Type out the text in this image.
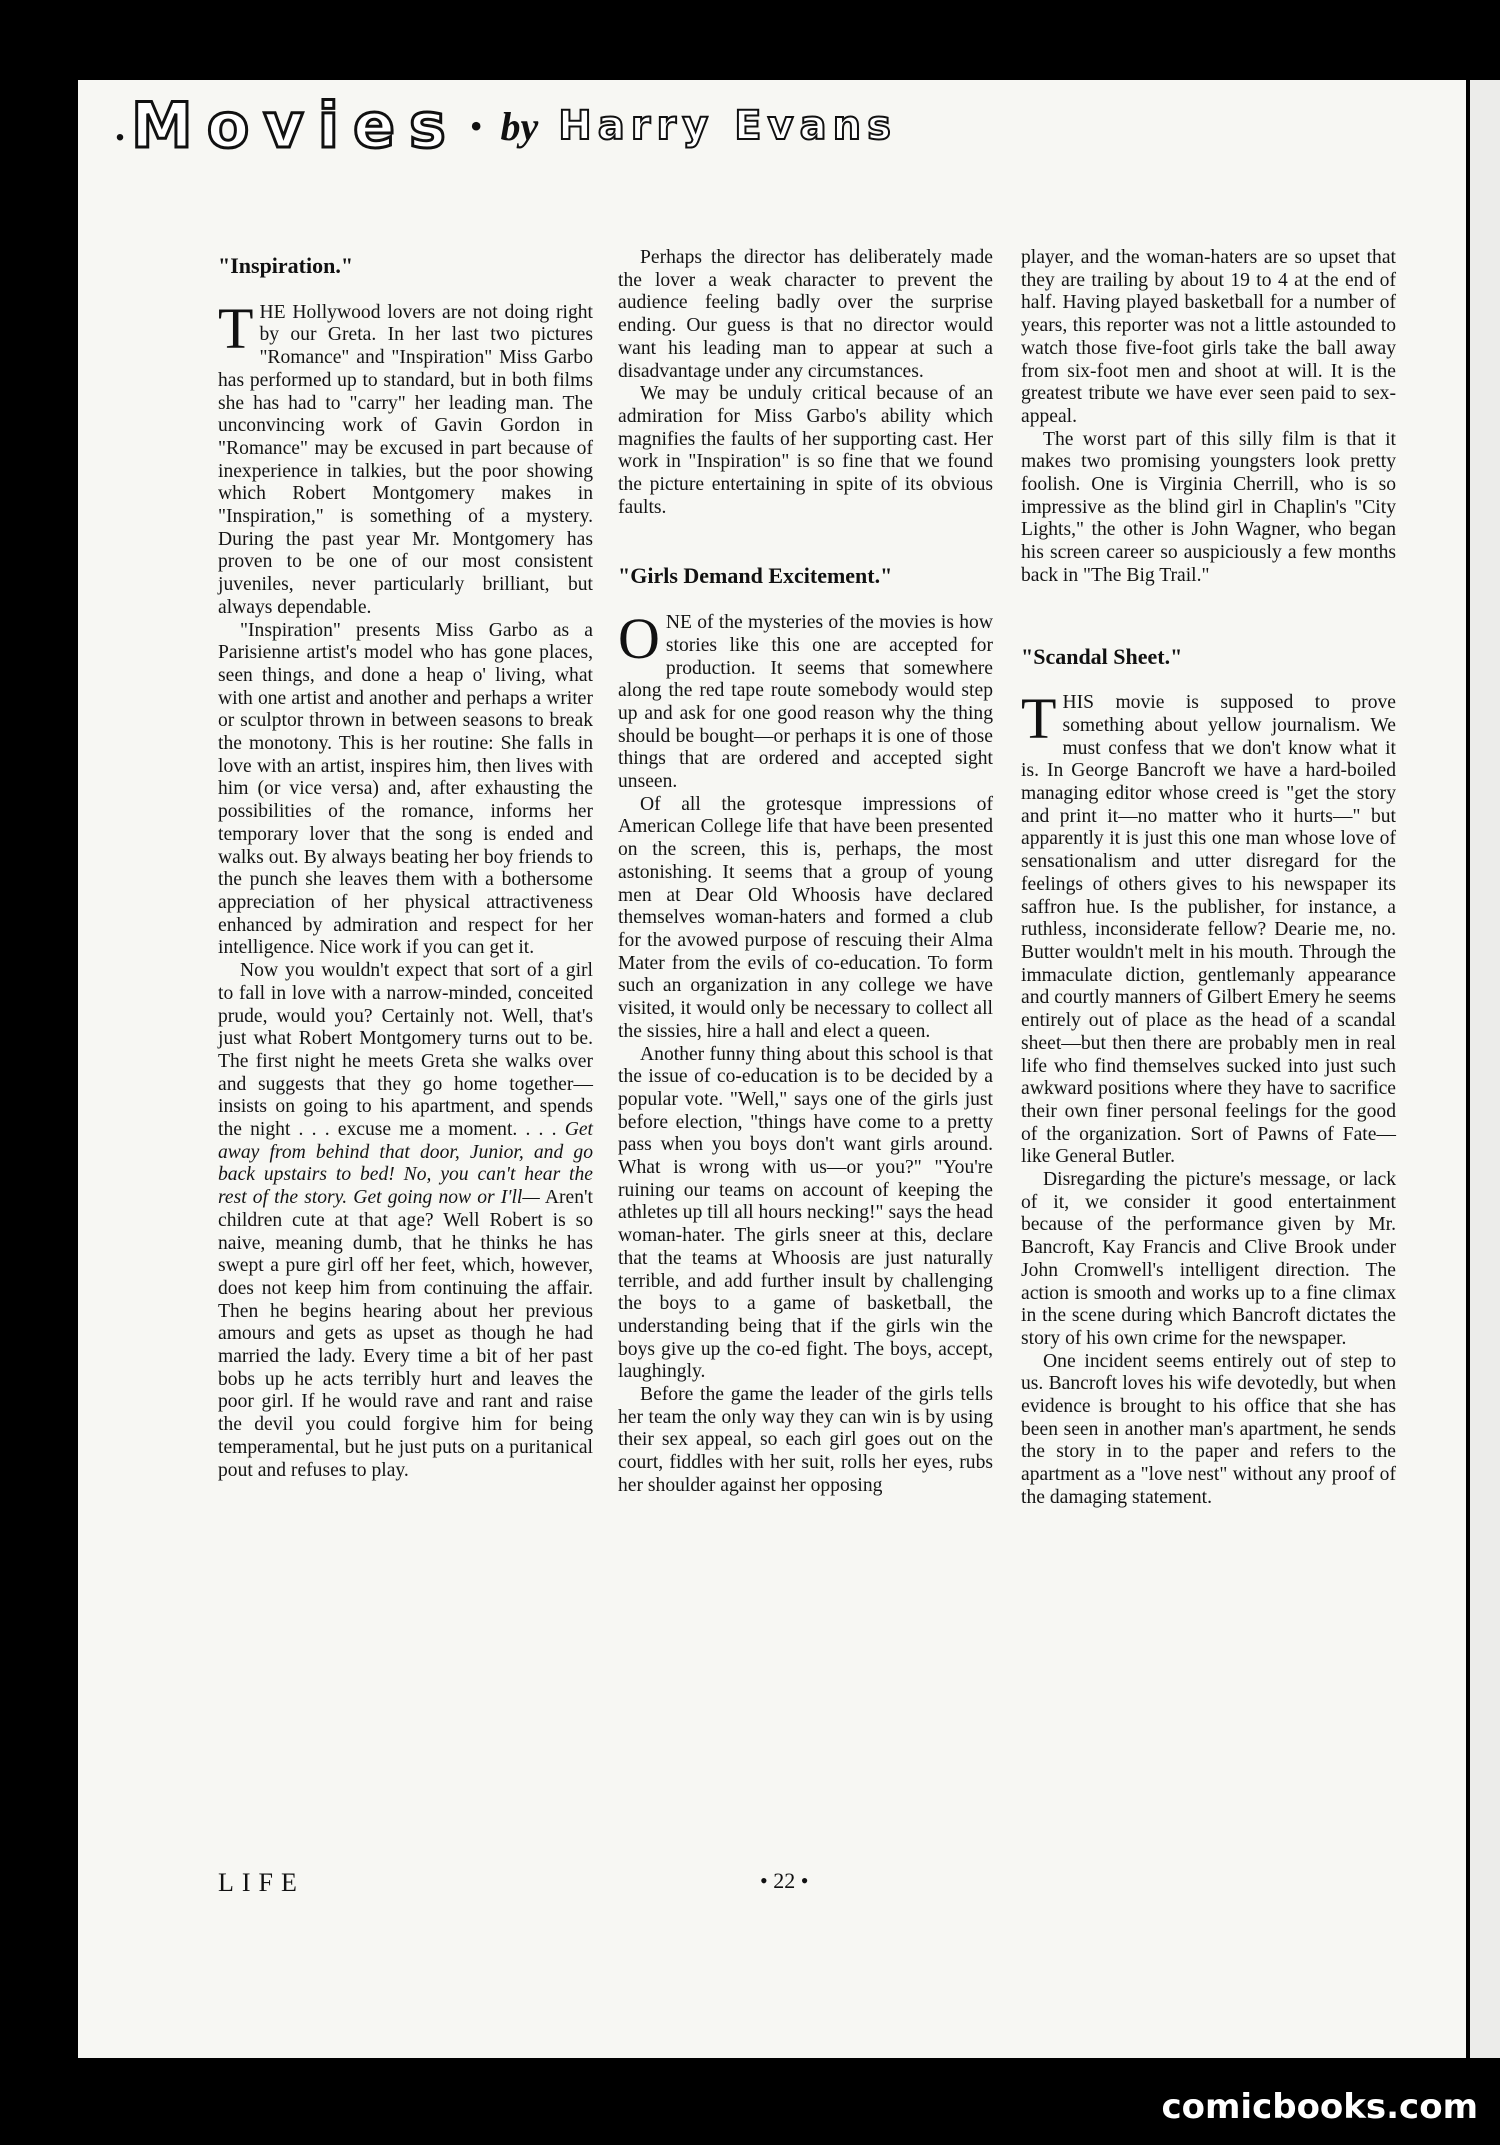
. Movies • by Harry Evans
"Inspiration."

THE Hollywood lovers are not doing right by our Greta. In her last two pictures "Romance" and "Inspiration" Miss Garbo has performed up to standard, but in both films she has had to "carry" her leading man. The unconvincing work of Gavin Gordon in "Romance" may be excused in part because of inexperience in talkies, but the poor showing which Robert Montgomery makes in "Inspiration," is something of a mystery. During the past year Mr. Montgomery has proven to be one of our most consistent juveniles, never particularly brilliant, but always dependable.

"Inspiration" presents Miss Garbo as a Parisienne artist's model who has gone places, seen things, and done a heap o' living, what with one artist and another and perhaps a writer or sculptor thrown in between seasons to break the monotony. This is her routine: She falls in love with an artist, inspires him, then lives with him (or vice versa) and, after exhausting the possibilities of the romance, informs her temporary lover that the song is ended and walks out. By always beating her boy friends to the punch she leaves them with a bothersome appreciation of her physical attractiveness enhanced by admiration and respect for her intelligence. Nice work if you can get it.

Now you wouldn't expect that sort of a girl to fall in love with a narrow-minded, conceited prude, would you? Certainly not. Well, that's just what Robert Montgomery turns out to be. The first night he meets Greta she walks over and suggests that they go home together—insists on going to his apartment, and spends the night . . . excuse me a moment. . . . Get away from behind that door, Junior, and go back upstairs to bed! No, you can't hear the rest of the story. Get going now or I'll— Aren't children cute at that age? Well Robert is so naive, meaning dumb, that he thinks he has swept a pure girl off her feet, which, however, does not keep him from continuing the affair. Then he begins hearing about her previous amours and gets as upset as though he had married the lady. Every time a bit of her past bobs up he acts terribly hurt and leaves the poor girl. If he would rave and rant and raise the devil you could forgive him for being temperamental, but he just puts on a puritanical pout and refuses to play.

Perhaps the director has deliberately made the lover a weak character to prevent the audience feeling badly over the surprise ending. Our guess is that no director would want his leading man to appear at such a disadvantage under any circumstances.

We may be unduly critical because of an admiration for Miss Garbo's ability which magnifies the faults of her supporting cast. Her work in "Inspiration" is so fine that we found the picture entertaining in spite of its obvious faults.

"Girls Demand Excitement."

ONE of the mysteries of the movies is how stories like this one are accepted for production. It seems that somewhere along the red tape route somebody would step up and ask for one good reason why the thing should be bought—or perhaps it is one of those things that are ordered and accepted sight unseen.

Of all the grotesque impressions of American College life that have been presented on the screen, this is, perhaps, the most astonishing. It seems that a group of young men at Dear Old Whoosis have declared themselves woman-haters and formed a club for the avowed purpose of rescuing their Alma Mater from the evils of co-education. To form such an organization in any college we have visited, it would only be necessary to collect all the sissies, hire a hall and elect a queen.

Another funny thing about this school is that the issue of co-education is to be decided by a popular vote. "Well," says one of the girls just before election, "things have come to a pretty pass when you boys don't want girls around. What is wrong with us—or you?" "You're ruining our teams on account of keeping the athletes up till all hours necking!" says the head woman-hater. The girls sneer at this, declare that the teams at Whoosis are just naturally terrible, and add further insult by challenging the boys to a game of basketball, the understanding being that if the girls win the boys give up the co-ed fight. The boys, accept, laughingly.

Before the game the leader of the girls tells her team the only way they can win is by using their sex appeal, so each girl goes out on the court, fiddles with her suit, rolls her eyes, rubs her shoulder against her opposing

player, and the woman-haters are so upset that they are trailing by about 19 to 4 at the end of half. Having played basketball for a number of years, this reporter was not a little astounded to watch those five-foot girls take the ball away from six-foot men and shoot at will. It is the greatest tribute we have ever seen paid to sex-appeal.

The worst part of this silly film is that it makes two promising youngsters look pretty foolish. One is Virginia Cherrill, who is so impressive as the blind girl in Chaplin's "City Lights," the other is John Wagner, who began his screen career so auspiciously a few months back in "The Big Trail."

"Scandal Sheet."

THIS movie is supposed to prove something about yellow journalism. We must confess that we don't know what it is. In George Bancroft we have a hard-boiled managing editor whose creed is "get the story and print it—no matter who it hurts—" but apparently it is just this one man whose love of sensationalism and utter disregard for the feelings of others gives to his newspaper its saffron hue. Is the publisher, for instance, a ruthless, inconsiderate fellow? Dearie me, no. Butter wouldn't melt in his mouth. Through the immaculate diction, gentlemanly appearance and courtly manners of Gilbert Emery he seems entirely out of place as the head of a scandal sheet—but then there are probably men in real life who find themselves sucked into just such awkward positions where they have to sacrifice their own finer personal feelings for the good of the organization. Sort of Pawns of Fate—like General Butler.

Disregarding the picture's message, or lack of it, we consider it good entertainment because of the performance given by Mr. Bancroft, Kay Francis and Clive Brook under John Cromwell's intelligent direction. The action is smooth and works up to a fine climax in the scene during which Bancroft dictates the story of his own crime for the newspaper.

One incident seems entirely out of step to us. Bancroft loves his wife devotedly, but when evidence is brought to his office that she has been seen in another man's apartment, he sends the story in to the paper and refers to the apartment as a "love nest" without any proof of the damaging statement.

LIFE	• 22 •
comicbooks.com
